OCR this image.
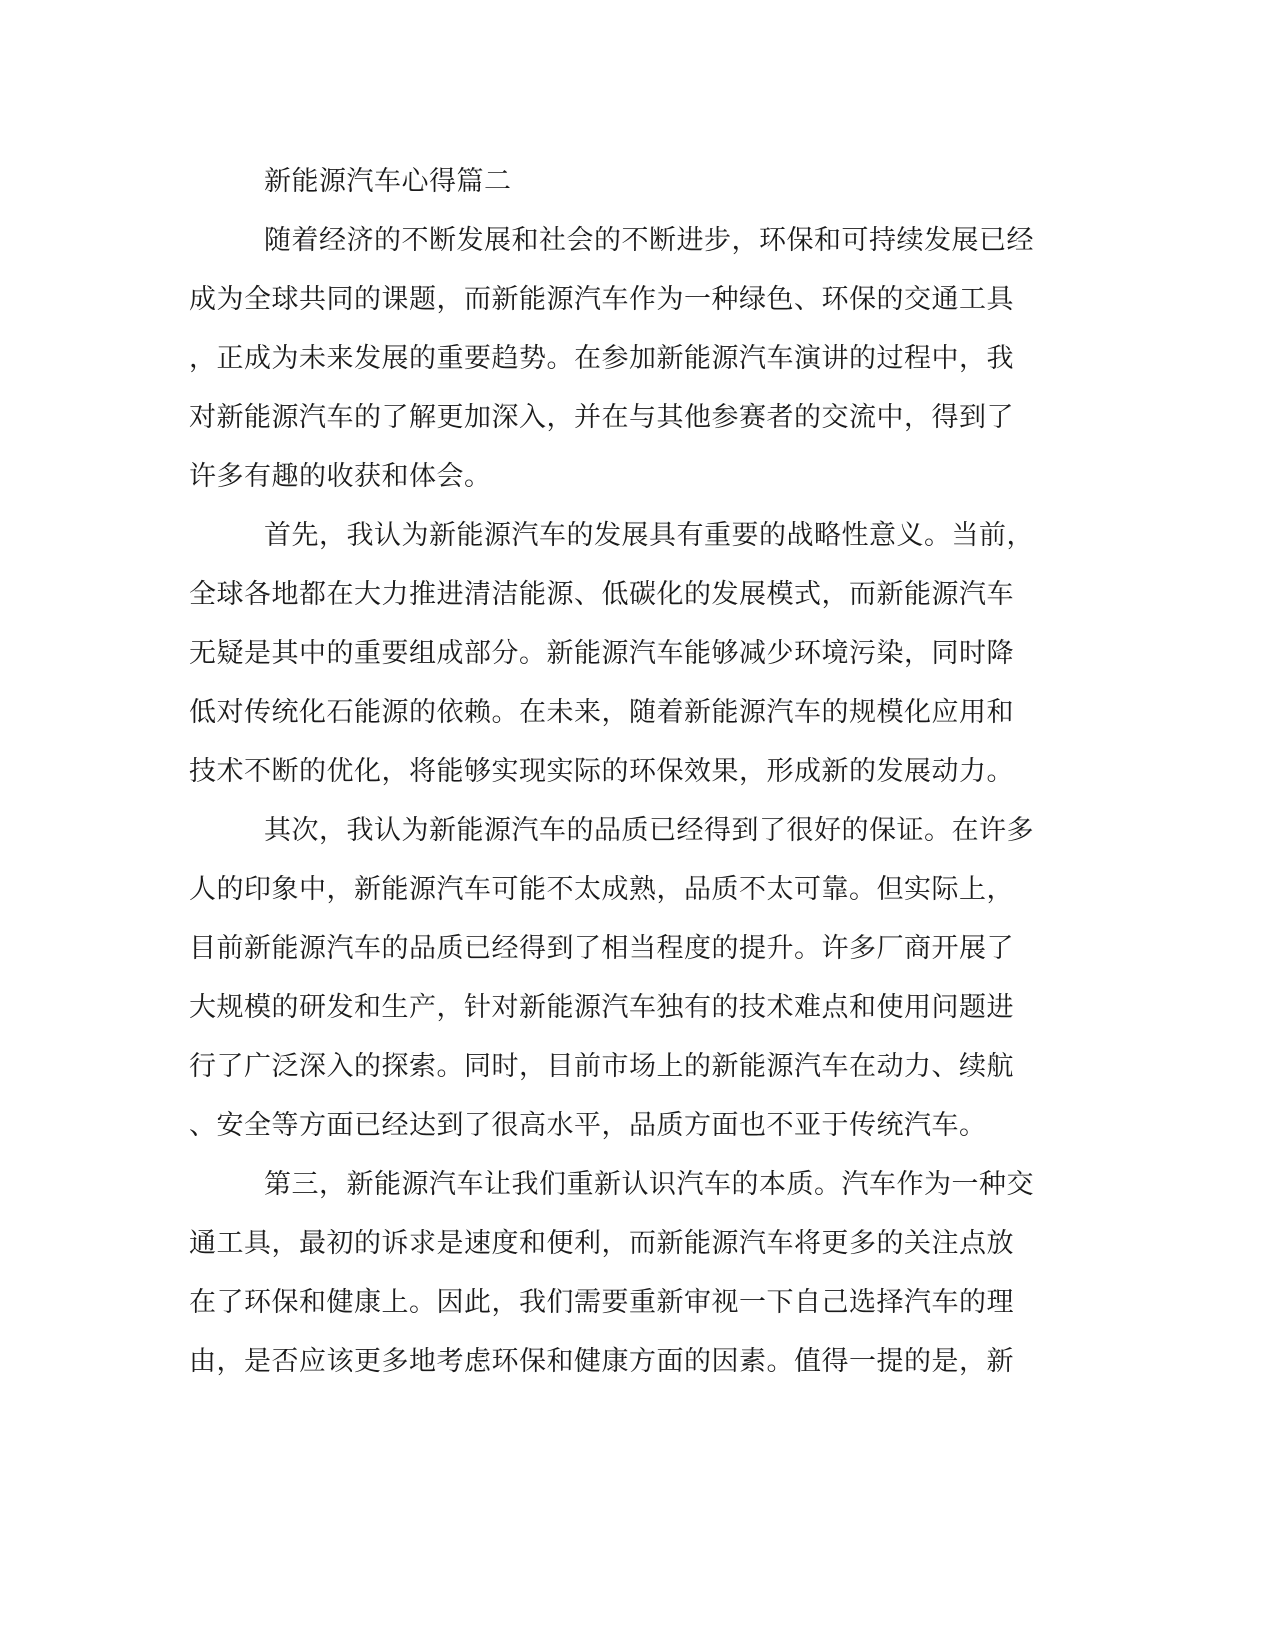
新能源汽车心得篇二
随着经济的不断发展和社会的不断进步，环保和可持续发展已经
成为全球共同的课题，而新能源汽车作为一种绿色、环保的交通工具
，正成为未来发展的重要趋势。在参加新能源汽车演讲的过程中，我
对新能源汽车的了解更加深入，并在与其他参赛者的交流中，得到了
许多有趣的收获和体会。
首先，我认为新能源汽车的发展具有重要的战略性意义。当前，
全球各地都在大力推进清洁能源、低碳化的发展模式，而新能源汽车
无疑是其中的重要组成部分。新能源汽车能够减少环境污染，同时降
低对传统化石能源的依赖。在未来，随着新能源汽车的规模化应用和
技术不断的优化，将能够实现实际的环保效果，形成新的发展动力。
其次，我认为新能源汽车的品质已经得到了很好的保证。在许多
人的印象中，新能源汽车可能不太成熟，品质不太可靠。但实际上，
目前新能源汽车的品质已经得到了相当程度的提升。许多厂商开展了
大规模的研发和生产，针对新能源汽车独有的技术难点和使用问题进
行了广泛深入的探索。同时，目前市场上的新能源汽车在动力、续航
、安全等方面已经达到了很高水平，品质方面也不亚于传统汽车。
第三，新能源汽车让我们重新认识汽车的本质。汽车作为一种交
通工具，最初的诉求是速度和便利，而新能源汽车将更多的关注点放
在了环保和健康上。因此，我们需要重新审视一下自己选择汽车的理
由，是否应该更多地考虑环保和健康方面的因素。值得一提的是，新
